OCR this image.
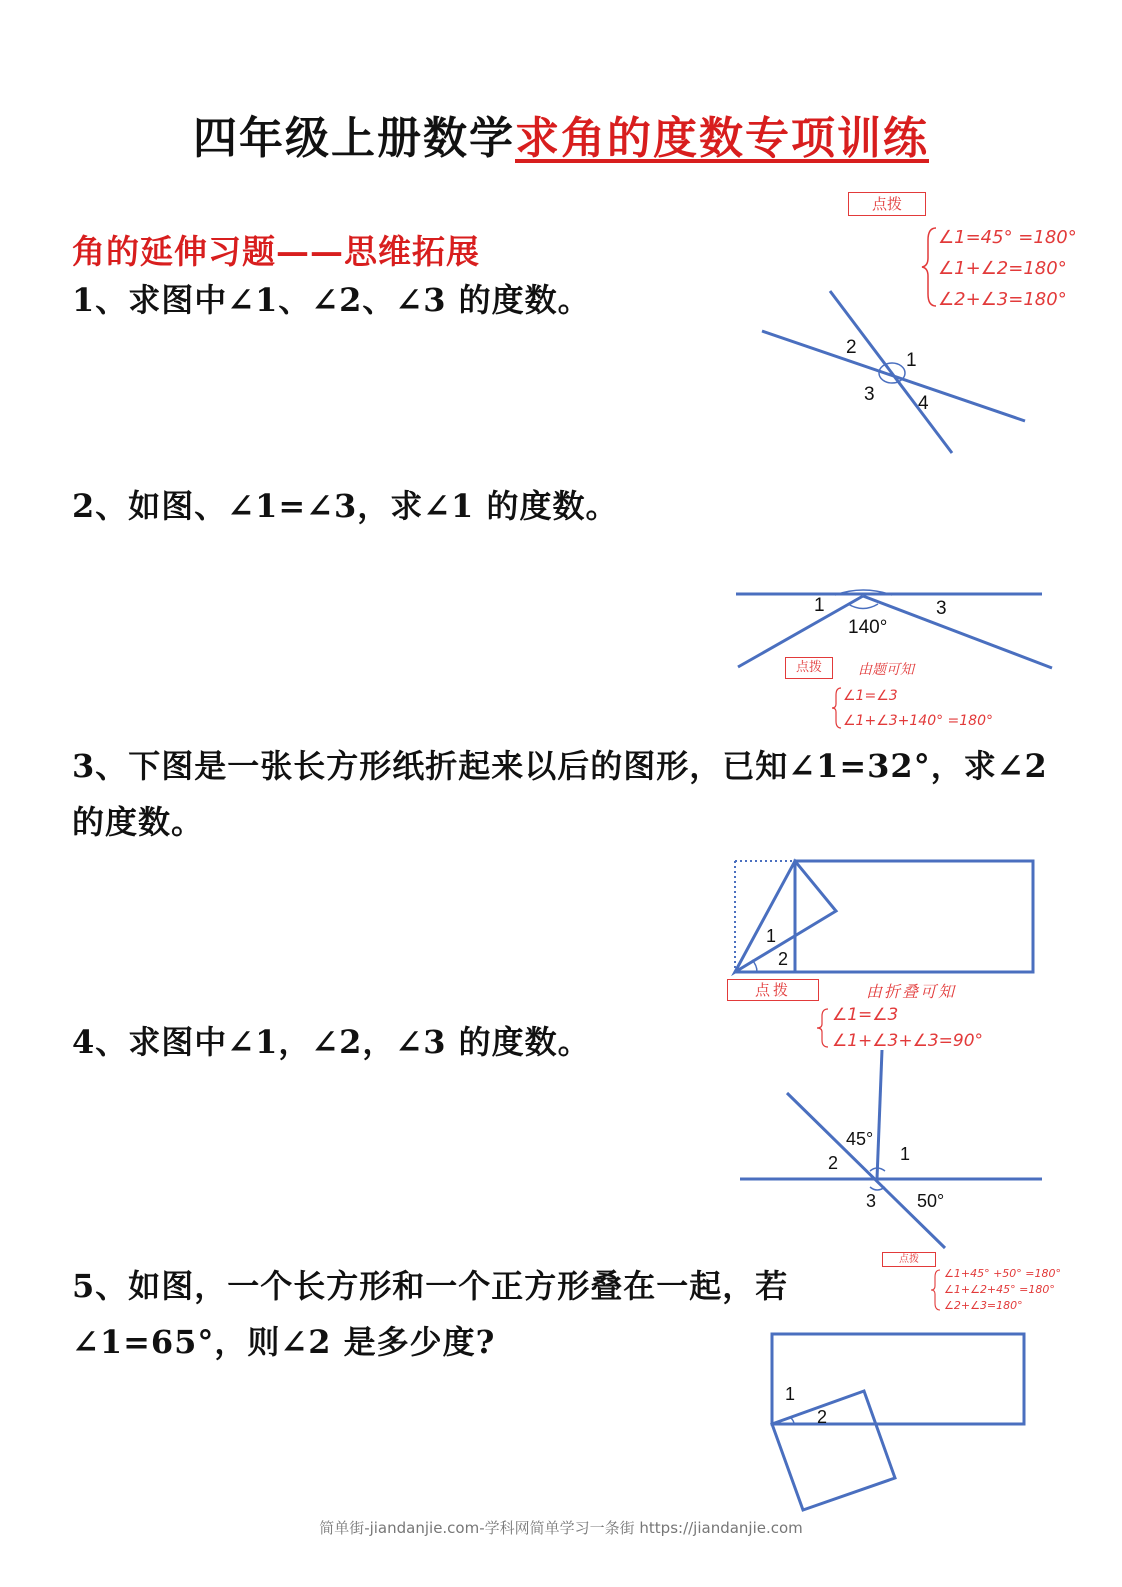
四年级上册数学求角的度数专项训练
角的延伸习题——思维拓展
1、求图中∠1、∠2、∠3 的度数。
2、如图、∠1=∠3，求∠1 的度数。
3、下图是一张长方形纸折起来以后的图形，已知∠1=32°，求∠2 的度数。
4、求图中∠1，∠2，∠3 的度数。
5、如图，一个长方形和一个正方形叠在一起，若∠1=65°，则∠2 是多少度?
点拨
∠1=45° =180°
∠1+∠2=180°
∠2+∠3=180°
2
1
3 4
1	3
140°
点拨	由题可知
∠1=∠3
∠1+∠3+140° =180°
1
2
点拨	由折叠可知
∠1=∠3
∠1+∠3+∠3=90°
45°
2	1
3 50°
点拨
∠1+45° +50° =180°
∠1+∠2+45° =180°
∠2+∠3=180°
1
2
简单街-jiandanjie.com-学科网简单学习一条街 https://jiandanjie.com
